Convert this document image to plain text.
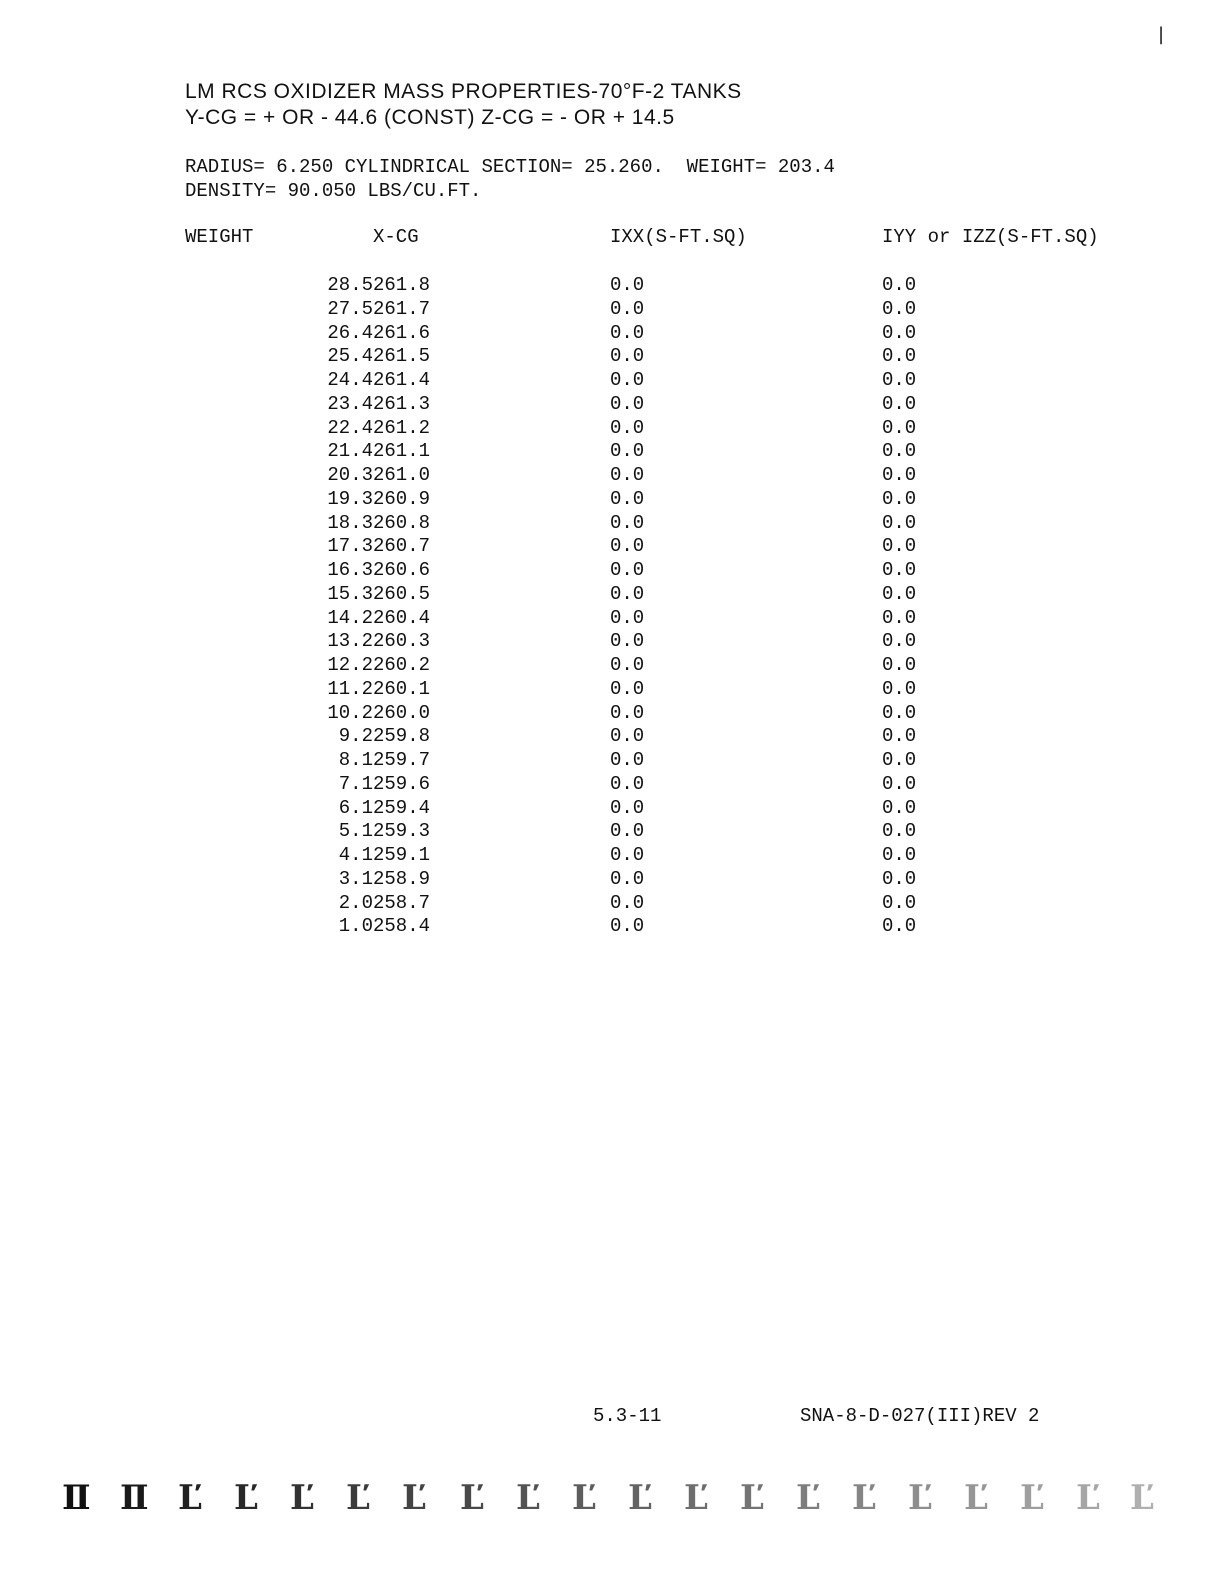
|
LM RCS OXIDIZER MASS PROPERTIES-70°F-2 TANKS
Y-CG = + OR - 44.6 (CONST) Z-CG = - OR + 14.5
RADIUS= 6.250 CYLINDRICAL SECTION= 25.260.  WEIGHT= 203.4
DENSITY= 90.050 LBS/CU.FT.
WEIGHT	X-CG	IXX(S-FT.SQ)	IYY or IZZ(S-FT.SQ)

28.5	261.8	0.0	0.0
27.5	261.7	0.0	0.0
26.4	261.6	0.0	0.0
25.4	261.5	0.0	0.0
24.4	261.4	0.0	0.0
23.4	261.3	0.0	0.0
22.4	261.2	0.0	0.0
21.4	261.1	0.0	0.0
20.3	261.0	0.0	0.0
19.3	260.9	0.0	0.0
18.3	260.8	0.0	0.0
17.3	260.7	0.0	0.0
16.3	260.6	0.0	0.0
15.3	260.5	0.0	0.0
14.2	260.4	0.0	0.0
13.2	260.3	0.0	0.0
12.2	260.2	0.0	0.0
11.2	260.1	0.0	0.0
10.2	260.0	0.0	0.0
9.2	259.8	0.0	0.0
8.1	259.7	0.0	0.0
7.1	259.6	0.0	0.0
6.1	259.4	0.0	0.0
5.1	259.3	0.0	0.0
4.1	259.1	0.0	0.0
3.1	258.9	0.0	0.0
2.0	258.7	0.0	0.0
1.0	258.4	0.0	0.0
5.3-11	SNA-8-D-027(III)REV 2
Ⅱ Ⅱ Ľ Ľ Ľ Ľ Ľ Ľ Ľ Ľ Ľ Ľ Ľ Ľ Ľ Ľ Ľ Ľ Ľ Ľ
